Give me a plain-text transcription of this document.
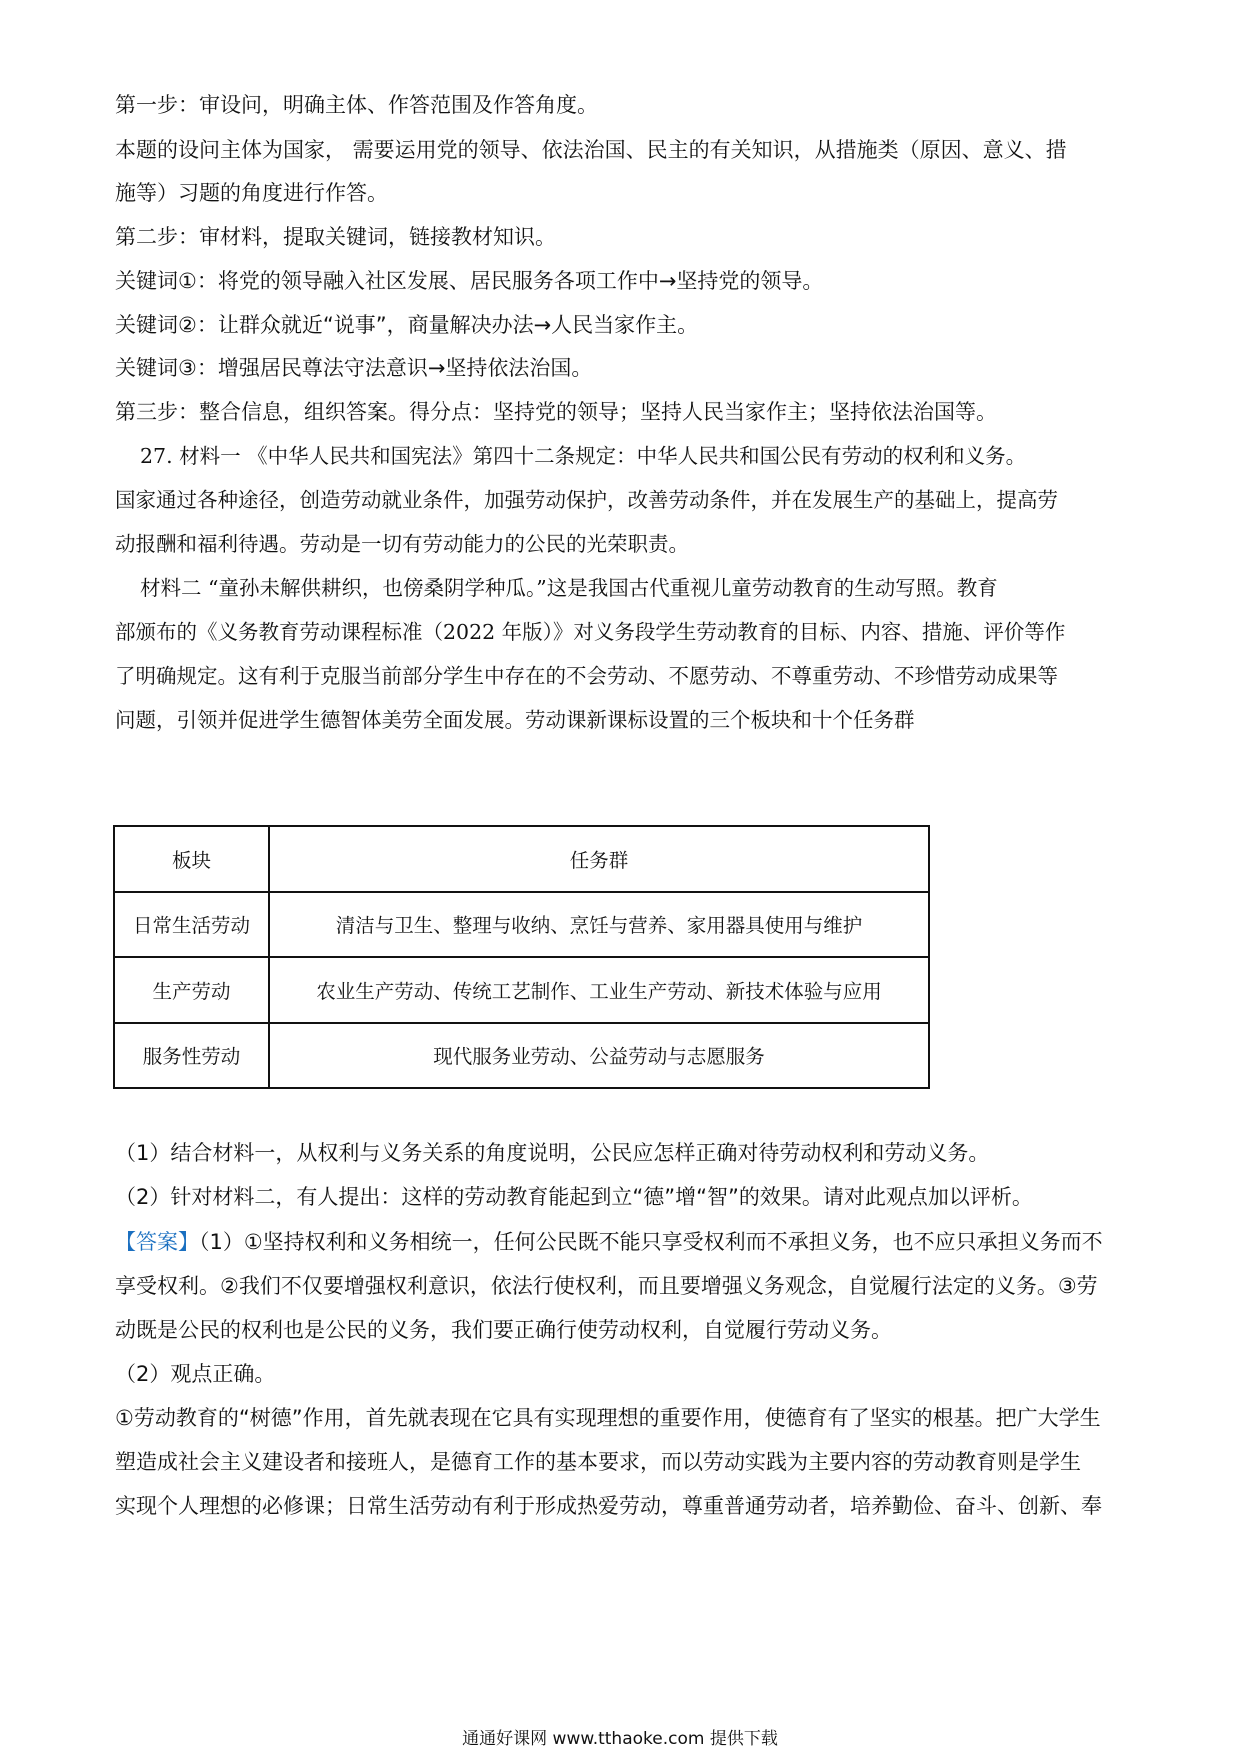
第一步：审设问，明确主体、作答范围及作答角度。
本题的设问主体为国家， 需要运用党的领导、依法治国、民主的有关知识，从措施类（原因、意义、措
施等）习题的角度进行作答。
第二步：审材料，提取关键词，链接教材知识。
关键词①：将党的领导融入社区发展、居民服务各项工作中→坚持党的领导。
关键词②：让群众就近“说事”，商量解决办法→人民当家作主。
关键词③：增强居民尊法守法意识→坚持依法治国。
第三步：整合信息，组织答案。得分点：坚持党的领导；坚持人民当家作主；坚持依法治国等。
27. 材料一 《中华人民共和国宪法》第四十二条规定：中华人民共和国公民有劳动的权利和义务。
国家通过各种途径，创造劳动就业条件，加强劳动保护，改善劳动条件，并在发展生产的基础上，提高劳
动报酬和福利待遇。劳动是一切有劳动能力的公民的光荣职责。
材料二 “童孙未解供耕织，也傍桑阴学种瓜。”这是我国古代重视儿童劳动教育的生动写照。教育
部颁布的《义务教育劳动课程标准（2022 年版）》对义务段学生劳动教育的目标、内容、措施、评价等作
了明确规定。这有利于克服当前部分学生中存在的不会劳动、不愿劳动、不尊重劳动、不珍惜劳动成果等
问题，引领并促进学生德智体美劳全面发展。劳动课新课标设置的三个板块和十个任务群
板块	任务群
日常生活劳动	清洁与卫生、整理与收纳、烹饪与营养、家用器具使用与维护
生产劳动	农业生产劳动、传统工艺制作、工业生产劳动、新技术体验与应用
服务性劳动	现代服务业劳动、公益劳动与志愿服务
（1）结合材料一，从权利与义务关系的角度说明，公民应怎样正确对待劳动权利和劳动义务。
（2）针对材料二，有人提出：这样的劳动教育能起到立“德”增“智”的效果。请对此观点加以评析。
【答案】（1）①坚持权利和义务相统一，任何公民既不能只享受权利而不承担义务，也不应只承担义务而不
享受权利。②我们不仅要增强权利意识，依法行使权利，而且要增强义务观念，自觉履行法定的义务。③劳
动既是公民的权利也是公民的义务，我们要正确行使劳动权利，自觉履行劳动义务。
（2）观点正确。
①劳动教育的“树德”作用，首先就表现在它具有实现理想的重要作用，使德育有了坚实的根基。把广大学生
塑造成社会主义建设者和接班人，是德育工作的基本要求，而以劳动实践为主要内容的劳动教育则是学生
实现个人理想的必修课；日常生活劳动有利于形成热爱劳动，尊重普通劳动者，培养勤俭、奋斗、创新、奉
通通好课网 www.tthaoke.com 提供下载
